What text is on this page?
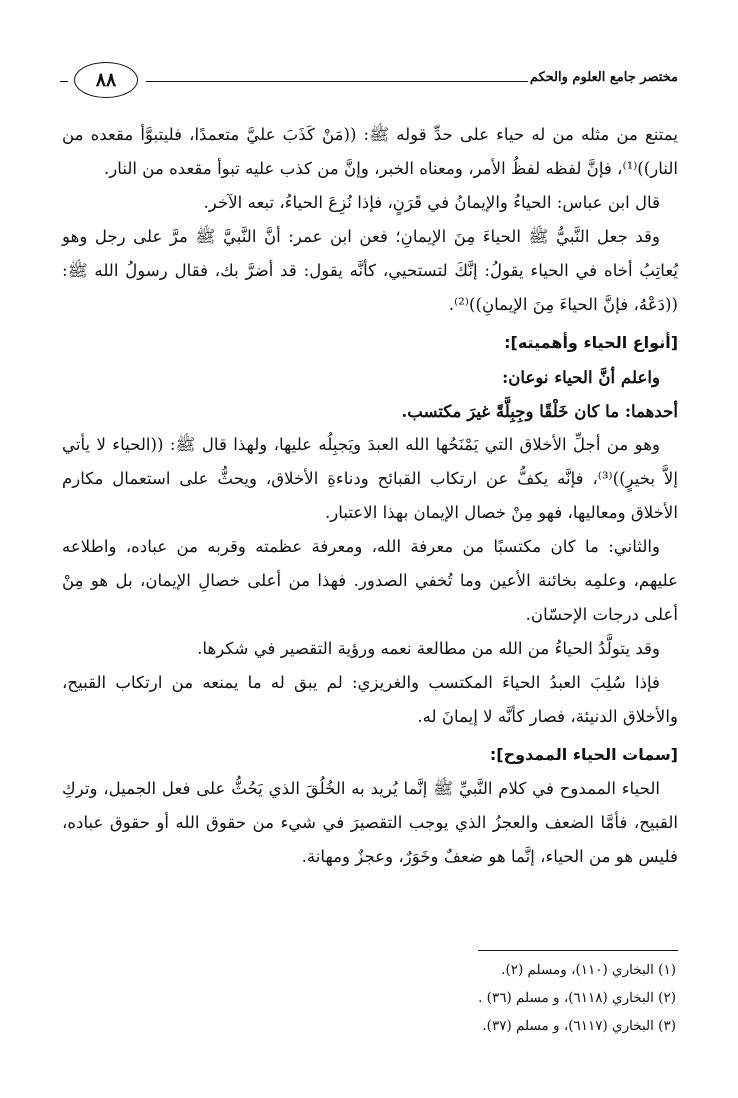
٨٨	مختصر جامع العلوم والحكم

يمتنع من مثله من له حياء على حدِّ قوله ﷺ: ((مَنْ كَذَبَ عليَّ متعمدًا، فليتبوَّأ مقعده من النار))⁽¹⁾، فإنَّ لفظه لفظُ الأمر، ومعناه الخبر، وإنَّ من كذب عليه تبوأ مقعده من النار.

قال ابن عباس: الحياءُ والإيمانُ في قَرَنٍ، فإذا نُزِعَ الحياءُ، تبعه الآخر.

وقد جعل النَّبيُّ ﷺ الحياءَ مِنَ الإيمانِ؛ فعن ابن عمر: أنَّ النَّبيَّ ﷺ مرَّ على رجل وهو يُعاتِبُ أخاه في الحياء يقولُ: إنَّكَ لتستحيي، كأنَّه يقول: قد أضرَّ بك، فقال رسولُ الله ﷺ: ((دَعْهُ، فإنَّ الحياءَ مِنَ الإيمانِ))⁽²⁾.

[أنواع الحياء وأهميته]:

واعلم أنَّ الحياء نوعان:

أحدهما: ما كان خَلْقًا وجِبِلَّةً غيرَ مكتسب.

وهو من أجلِّ الأخلاق التي يَمْنَحُها الله العبدَ ويَجبِلُه عليها، ولهذا قال ﷺ: ((الحياء لا يأتي إلاَّ بخيرٍ))⁽³⁾، فإنَّه يكفُّ عن ارتكاب القبائح ودناءةِ الأخلاق، ويحثُّ على استعمال مكارم الأخلاق ومعاليها، فهو مِنْ خصال الإيمان بهذا الاعتبار.

والثاني: ما كان مكتسبًا من معرفة الله، ومعرفة عظمته وقربه من عباده، واطلاعه عليهم، وعلمِه بخائنة الأعين وما تُخفي الصدور. فهذا من أعلى خصالِ الإيمان، بل هو مِنْ أعلى درجات الإحسّان.

وقد يتولَّدُ الحياءُ من الله من مطالعة نعمه ورؤية التقصير في شكرها.

فإذا سُلِبَ العبدُ الحياءَ المكتسب والغريزي: لم يبق له ما يمنعه من ارتكاب القبيح، والأخلاق الدنيئة، فصار كأنَّه لا إيمانَ له.

[سمات الحياء الممدوح]:

الحياء الممدوح في كلام النَّبيِّ ﷺ إنَّما يُريد به الخُلُقَ الذي يَحُثُّ على فعل الجميل، وتركِ القبيح، فأمَّا الضعف والعجزُ الذي يوجب التقصيرَ في شيء من حقوق الله أو حقوق عباده، فليس هو من الحياء، إنَّما هو ضعفٌ وخَوَرٌ، وعجزٌ ومهانة.

(١) البخاري (١١٠)، ومسلم (٢).
(٢) البخاري (٦١١٨)، و مسلم (٣٦) .
(٣) البخاري (٦١١٧)، و مسلم (٣٧).
